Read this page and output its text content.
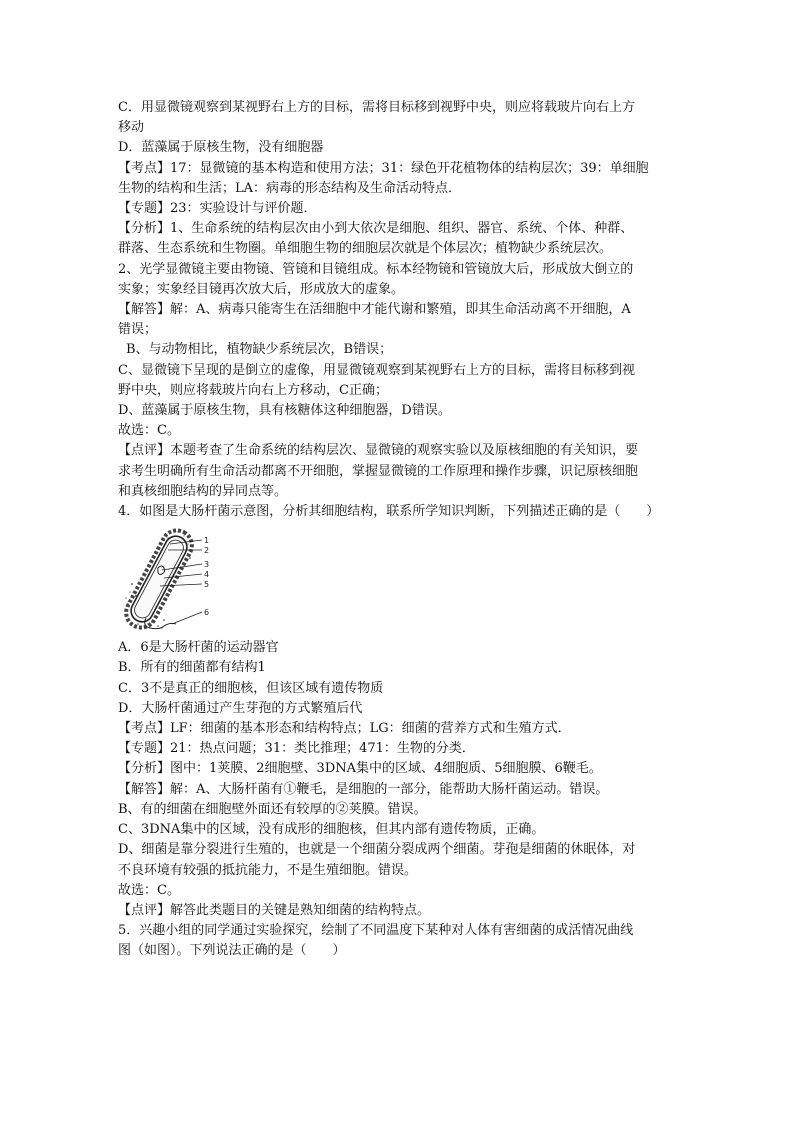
C．用显微镜观察到某视野右上方的目标，需将目标移到视野中央，则应将载玻片向右上方
移动
D．蓝藻属于原核生物，没有细胞器
【考点】17：显微镜的基本构造和使用方法；31：绿色开花植物体的结构层次；39：单细胞
生物的结构和生活；LA：病毒的形态结构及生命活动特点．
【专题】23：实验设计与评价题．
【分析】1、生命系统的结构层次由小到大依次是细胞、组织、器官、系统、个体、种群、
群落、生态系统和生物圈。单细胞生物的细胞层次就是个体层次；植物缺少系统层次。
2、光学显微镜主要由物镜、管镜和目镜组成。标本经物镜和管镜放大后，形成放大倒立的
实象；实象经目镜再次放大后，形成放大的虚象。
【解答】解：A、病毒只能寄生在活细胞中才能代谢和繁殖，即其生命活动离不开细胞，A
错误；
B、与动物相比，植物缺少系统层次，B错误；
C、显微镜下呈现的是倒立的虚像，用显微镜观察到某视野右上方的目标，需将目标移到视
野中央，则应将载玻片向右上方移动，C正确；
D、蓝藻属于原核生物，具有核糖体这种细胞器，D错误。
故选：C。
【点评】本题考查了生命系统的结构层次、显微镜的观察实验以及原核细胞的有关知识，要
求考生明确所有生命活动都离不开细胞，掌握显微镜的工作原理和操作步骤，识记原核细胞
和真核细胞结构的异同点等。
4．如图是大肠杆菌示意图，分析其细胞结构，联系所学知识判断，下列描述正确的是（　　）
1
2
3
4
5
6
A．6是大肠杆菌的运动器官
B．所有的细菌都有结构1
C．3不是真正的细胞核，但该区域有遗传物质
D．大肠杆菌通过产生芽孢的方式繁殖后代
【考点】LF：细菌的基本形态和结构特点；LG：细菌的营养方式和生殖方式．
【专题】21：热点问题；31：类比推理；471：生物的分类．
【分析】图中：1荚膜、2细胞壁、3DNA集中的区域、4细胞质、5细胞膜、6鞭毛。
【解答】解：A、大肠杆菌有①鞭毛，是细胞的一部分，能帮助大肠杆菌运动。错误。
B、有的细菌在细胞壁外面还有较厚的②荚膜。错误。
C、3DNA集中的区域，没有成形的细胞核，但其内部有遗传物质，正确。
D、细菌是靠分裂进行生殖的，也就是一个细菌分裂成两个细菌。芽孢是细菌的休眠体，对
不良环境有较强的抵抗能力，不是生殖细胞。错误。
故选：C。
【点评】解答此类题目的关键是熟知细菌的结构特点。
5．兴趣小组的同学通过实验探究，绘制了不同温度下某种对人体有害细菌的成活情况曲线
图（如图）。下列说法正确的是（　　）
